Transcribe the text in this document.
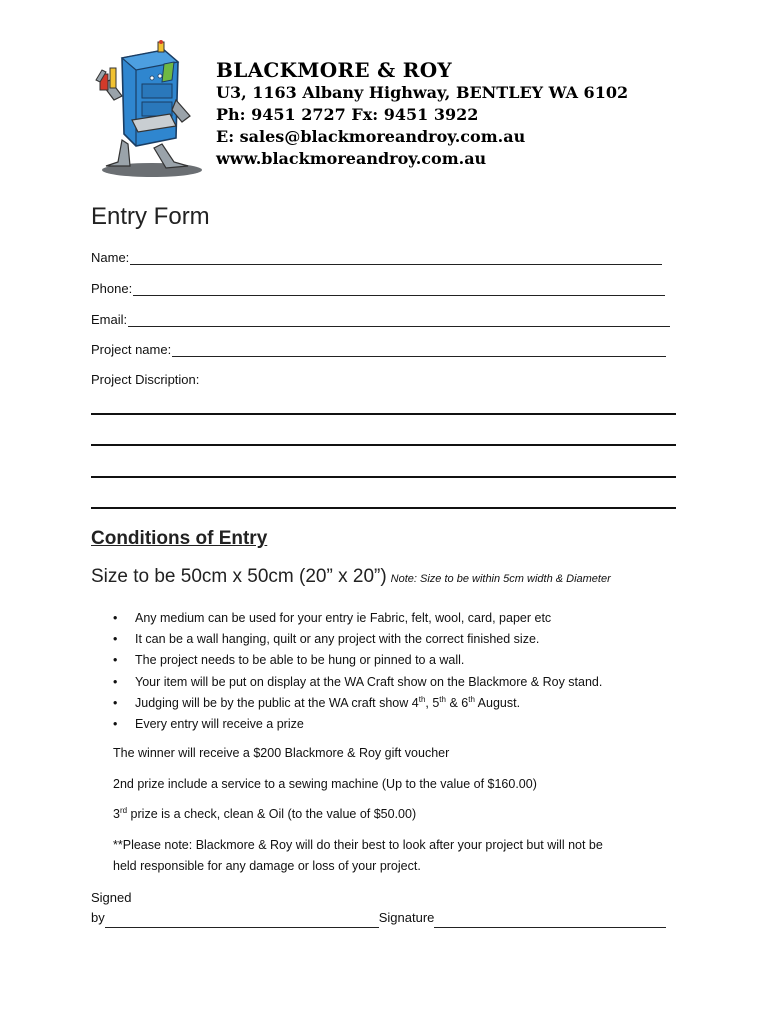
BLACKMORE & ROY
U3, 1163 Albany Highway, BENTLEY WA 6102
Ph: 9451 2727 Fx: 9451 3922
E: sales@blackmoreandroy.com.au
www.blackmoreandroy.com.au
Entry Form
Name:
Phone:
Email:
Project name:
Project Discription:
Conditions of Entry
Size to be 50cm x 50cm (20” x 20”) Note: Size to be within 5cm width & Diameter
• Any medium can be used for your entry ie Fabric, felt, wool, card, paper etc
• It can be a wall hanging, quilt or any project with the correct finished size.
• The project needs to be able to be hung or pinned to a wall.
• Your item will be put on display at the WA Craft show on the Blackmore & Roy stand.
• Judging will be by the public at the WA craft show 4th, 5th & 6th August.
• Every entry will receive a prize
The winner will receive a $200 Blackmore & Roy gift voucher
2nd prize include a service to a sewing machine (Up to the value of $160.00)
3rd prize is a check, clean & Oil (to the value of $50.00)
**Please note: Blackmore & Roy will do their best to look after your project but will not be
held responsible for any damage or loss of your project.
Signed
by	Signature
